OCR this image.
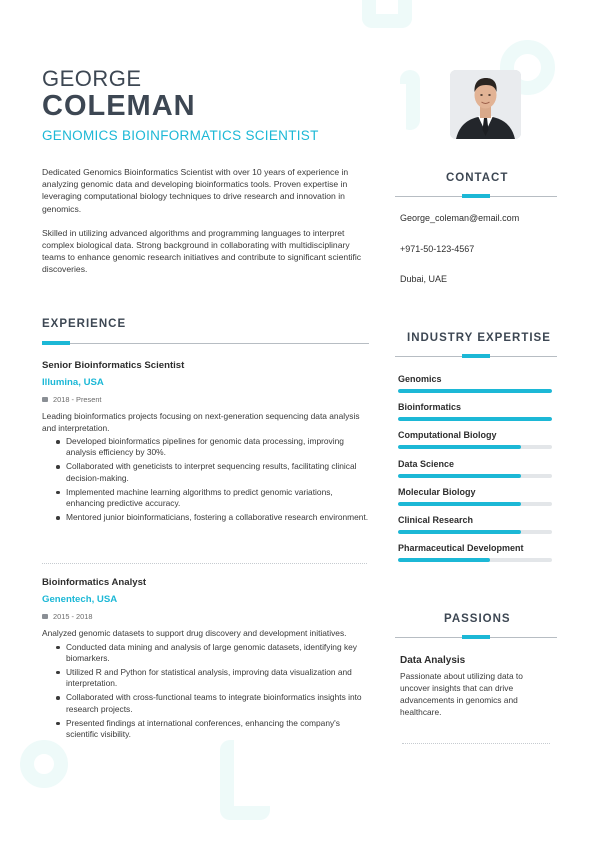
GEORGE
COLEMAN
GENOMICS BIOINFORMATICS SCIENTIST

Dedicated Genomics Bioinformatics Scientist with over 10 years of experience in analyzing genomic data and developing bioinformatics tools. Proven expertise in leveraging computational biology techniques to drive research and innovation in genomics.

Skilled in utilizing advanced algorithms and programming languages to interpret complex biological data. Strong background in collaborating with multidisciplinary teams to enhance genomic research initiatives and contribute to significant scientific discoveries.

EXPERIENCE
Senior Bioinformatics Scientist
Illumina, USA
2018 - Present
Leading bioinformatics projects focusing on next-generation sequencing data analysis and interpretation.
Developed bioinformatics pipelines for genomic data processing, improving analysis efficiency by 30%.
Collaborated with geneticists to interpret sequencing results, facilitating clinical decision-making.
Implemented machine learning algorithms to predict genomic variations, enhancing predictive accuracy.
Mentored junior bioinformaticians, fostering a collaborative research environment.
Bioinformatics Analyst
Genentech, USA
2015 - 2018
Analyzed genomic datasets to support drug discovery and development initiatives.
Conducted data mining and analysis of large genomic datasets, identifying key biomarkers.
Utilized R and Python for statistical analysis, improving data visualization and interpretation.
Collaborated with cross-functional teams to integrate bioinformatics insights into research projects.
Presented findings at international conferences, enhancing the company's scientific visibility.
CONTACT
George_coleman@email.com
+971-50-123-4567
Dubai, UAE
INDUSTRY EXPERTISE
Genomics
Bioinformatics
Computational Biology
Data Science
Molecular Biology
Clinical Research
Pharmaceutical Development
PASSIONS
Data Analysis
Passionate about utilizing data to uncover insights that can drive advancements in genomics and healthcare.
